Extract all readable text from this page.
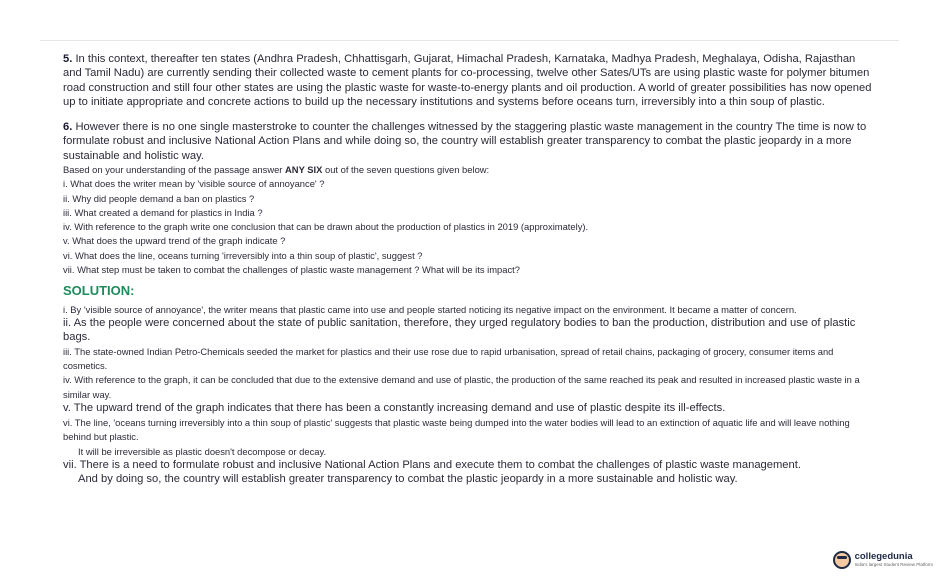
5. In this context, thereafter ten states (Andhra Pradesh, Chhattisgarh, Gujarat, Himachal Pradesh, Karnataka, Madhya Pradesh, Meghalaya, Odisha, Rajasthan and Tamil Nadu) are currently sending their collected waste to cement plants for co-processing, twelve other Sates/UTs are using plastic waste for polymer bitumen road construction and still four other states are using the plastic waste for waste-to-energy plants and oil production. A world of greater possibilities has now opened up to initiate appropriate and concrete actions to build up the necessary institutions and systems before oceans turn, irreversibly into a thin soup of plastic.

6. However there is no one single masterstroke to counter the challenges witnessed by the staggering plastic waste management in the country The time is now to formulate robust and inclusive National Action Plans and while doing so, the country will establish greater transparency to combat the plastic jeopardy in a more sustainable and holistic way.

Based on your understanding of the passage answer ANY SIX out of the seven questions given below:

i. What does the writer mean by 'visible source of annoyance' ?

ii. Why did people demand a ban on plastics ?

iii. What created a demand for plastics in India ?

iv. With reference to the graph write one conclusion that can be drawn about the production of plastics in 2019 (approximately).

v. What does the upward trend of the graph indicate ?

vi. What does the line, oceans turning 'irreversibly into a thin soup of plastic', suggest ?

vii. What step must be taken to combat the challenges of plastic waste management ? What will be its impact?

SOLUTION:

i. By 'visible source of annoyance', the writer means that plastic came into use and people started noticing its negative impact on the environment. It became a matter of concern.

ii. As the people were concerned about the state of public sanitation, therefore, they urged regulatory bodies to ban the production, distribution and use of plastic bags.

iii. The state-owned Indian Petro-Chemicals seeded the market for plastics and their use rose due to rapid urbanisation, spread of retail chains, packaging of grocery, consumer items and cosmetics.

iv. With reference to the graph, it can be concluded that due to the extensive demand and use of plastic, the production of the same reached its peak and resulted in increased plastic waste in a similar way.

v. The upward trend of the graph indicates that there has been a constantly increasing demand and use of plastic despite its ill-effects.

vi. The line, 'oceans turning irreversibly into a thin soup of plastic' suggests that plastic waste being dumped into the water bodies will lead to an extinction of aquatic life and will leave nothing behind but plastic.

It will be irreversible as plastic doesn't decompose or decay.

vii. There is a need to formulate robust and inclusive National Action Plans and execute them to combat the challenges of plastic waste management.

And by doing so, the country will establish greater transparency to combat the plastic jeopardy in a more sustainable and holistic way.

collegedunia
India's largest Student Review Platform
